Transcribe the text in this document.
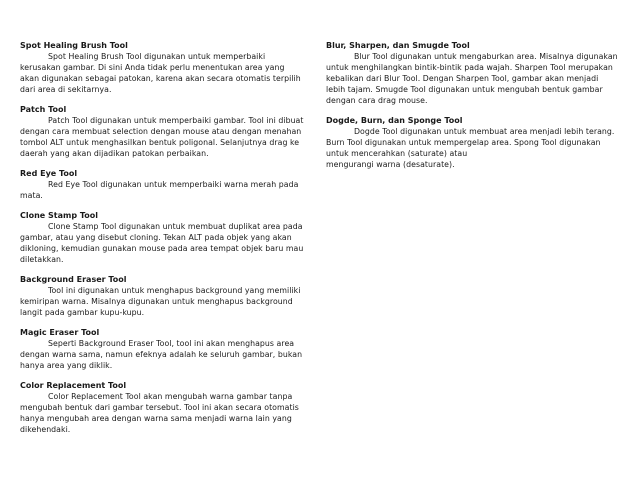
Spot Healing Brush Tool

Spot Healing Brush Tool digunakan untuk memperbaiki kerusakan gambar. Di sini Anda tidak perlu menentukan area yang akan digunakan sebagai patokan, karena akan secara otomatis terpilih dari area di sekitarnya.

Patch Tool

Patch Tool digunakan untuk memperbaiki gambar. Tool ini dibuat dengan cara membuat selection dengan mouse atau dengan menahan tombol ALT untuk menghasilkan bentuk poligonal. Selanjutnya drag ke daerah yang akan dijadikan patokan perbaikan.

Red Eye Tool

Red Eye Tool digunakan untuk memperbaiki warna merah pada mata.

Clone Stamp Tool

Clone Stamp Tool digunakan untuk membuat duplikat area pada gambar, atau yang disebut cloning. Tekan ALT pada objek yang akan dikloning, kemudian gunakan mouse pada area tempat objek baru mau diletakkan.

Background Eraser Tool

Tool ini digunakan untuk menghapus background yang memiliki kemiripan warna. Misalnya digunakan untuk menghapus background langit pada gambar kupu-kupu.

Magic Eraser Tool

Seperti Background Eraser Tool, tool ini akan menghapus area dengan warna sama, namun efeknya adalah ke seluruh gambar, bukan hanya area yang diklik.

Color Replacement Tool

Color Replacement Tool akan mengubah warna gambar tanpa mengubah bentuk dari gambar tersebut. Tool ini akan secara otomatis hanya mengubah area dengan warna sama menjadi warna lain yang dikehendaki.

Blur, Sharpen, dan Smugde Tool

Blur Tool digunakan untuk mengaburkan area. Misalnya digunakan untuk menghilangkan bintik-bintik pada wajah. Sharpen Tool merupakan kebalikan dari Blur Tool. Dengan Sharpen Tool, gambar akan menjadi lebih tajam. Smugde Tool digunakan untuk mengubah bentuk gambar dengan cara drag mouse.

Dogde, Burn, dan Sponge Tool

Dogde Tool digunakan untuk membuat area menjadi lebih terang. Burn Tool digunakan untuk mempergelap area. Spong Tool digunakan untuk mencerahkan (saturate) atau
mengurangi warna (desaturate).
